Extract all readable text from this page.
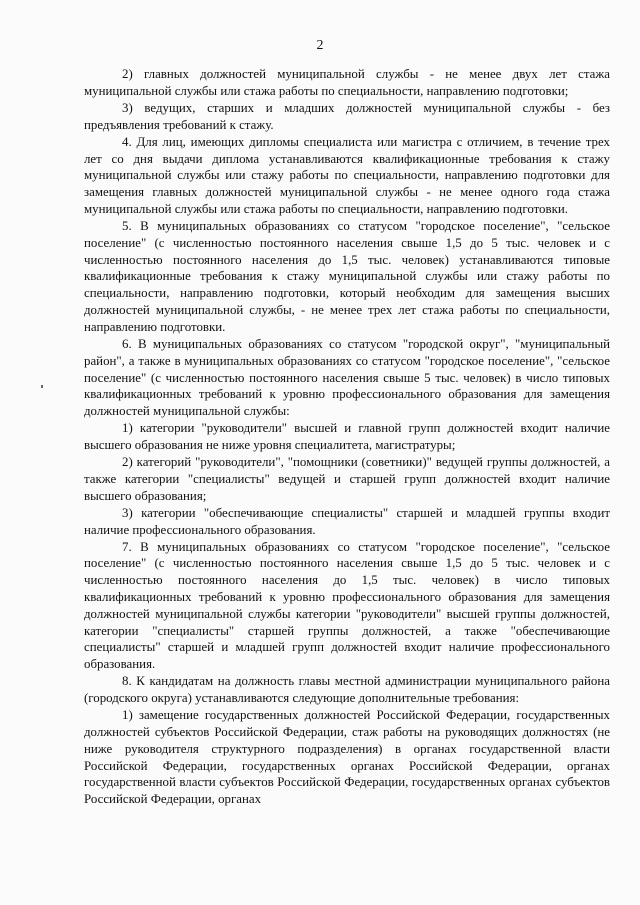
2

2) главных должностей муниципальной службы - не менее двух лет стажа муниципальной службы или стажа работы по специальности, направлению подготовки;

3) ведущих, старших и младших должностей муниципальной службы - без предъявления требований к стажу.

4. Для лиц, имеющих дипломы специалиста или магистра с отличием, в течение трех лет со дня выдачи диплома устанавливаются квалификационные требования к стажу муниципальной службы или стажу работы по специальности, направлению подготовки для замещения главных должностей муниципальной службы - не менее одного года стажа муниципальной службы или стажа работы по специальности, направлению подготовки.

5. В муниципальных образованиях со статусом "городское поселение", "сельское поселение" (с численностью постоянного населения свыше 1,5 до 5 тыс. человек и с численностью постоянного населения до 1,5 тыс. человек) устанавливаются типовые квалификационные требования к стажу муниципальной службы или стажу работы по специальности, направлению подготовки, который необходим для замещения высших должностей муниципальной службы, - не менее трех лет стажа работы по специальности, направлению подготовки.

6. В муниципальных образованиях со статусом "городской округ", "муниципальный район", а также в муниципальных образованиях со статусом "городское поселение", "сельское поселение" (с численностью постоянного населения свыше 5 тыс. человек) в число типовых квалификационных требований к уровню профессионального образования для замещения должностей муниципальной службы:

1) категории "руководители" высшей и главной групп должностей входит наличие высшего образования не ниже уровня специалитета, магистратуры;

2) категорий "руководители", "помощники (советники)" ведущей группы должностей, а также категории "специалисты" ведущей и старшей групп должностей входит наличие высшего образования;

3) категории "обеспечивающие специалисты" старшей и младшей группы входит наличие профессионального образования.

7. В муниципальных образованиях со статусом "городское поселение", "сельское поселение" (с численностью постоянного населения свыше 1,5 до 5 тыс. человек и с численностью постоянного населения до 1,5 тыс. человек) в число типовых квалификационных требований к уровню профессионального образования для замещения должностей муниципальной службы категории "руководители" высшей группы должностей, категории "специалисты" старшей группы должностей, а также "обеспечивающие специалисты" старшей и младшей групп должностей входит наличие профессионального образования.

8. К кандидатам на должность главы местной администрации муниципального района (городского округа) устанавливаются следующие дополнительные требования:

1) замещение государственных должностей Российской Федерации, государственных должностей субъектов Российской Федерации, стаж работы на руководящих должностях (не ниже руководителя структурного подразделения) в органах государственной власти Российской Федерации, государственных органах Российской Федерации, органах государственной власти субъектов Российской Федерации, государственных органах субъектов Российской Федерации, органах
